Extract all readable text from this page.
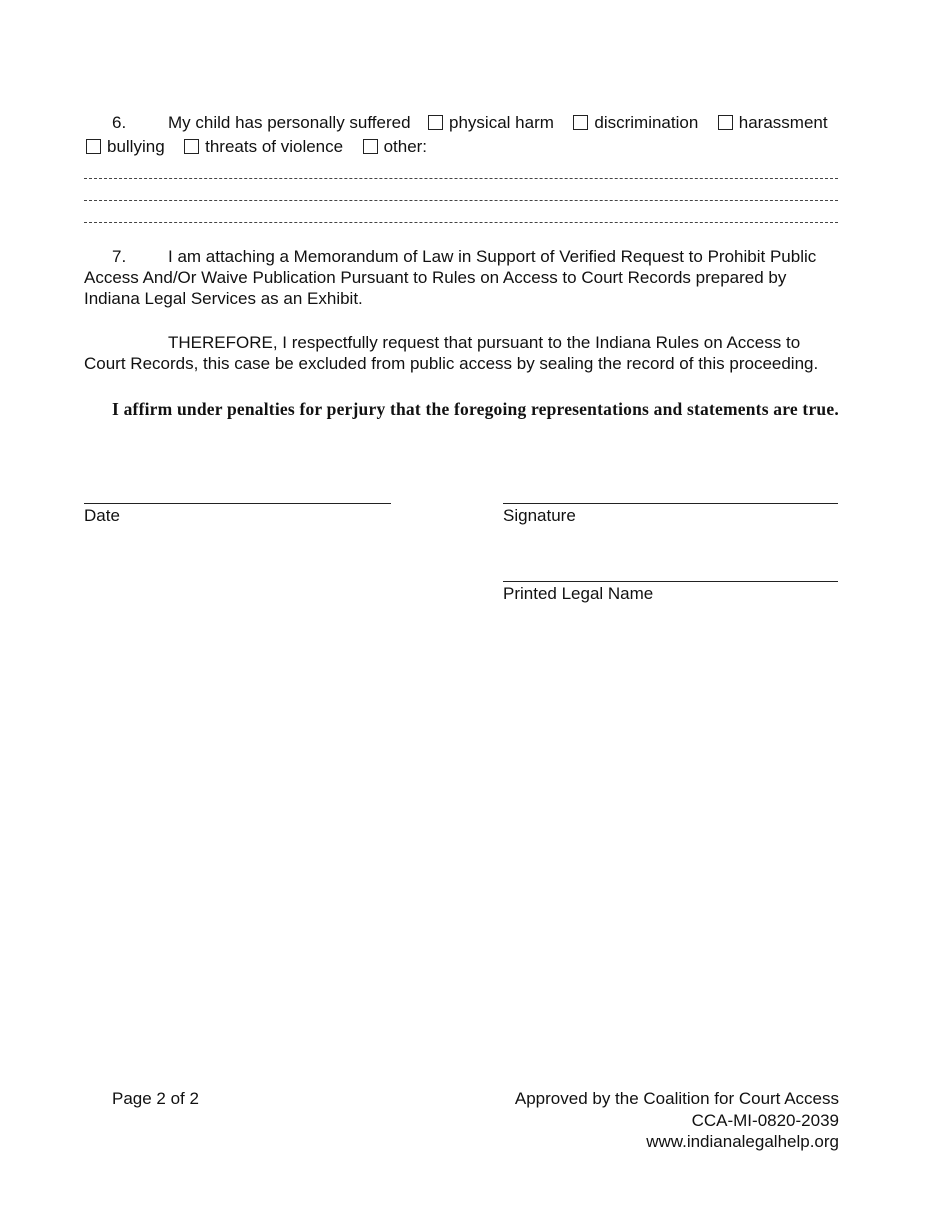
6. My child has personally suffered physical harm discrimination harassment
bullying threats of violence other:
7. I am attaching a Memorandum of Law in Support of Verified Request to Prohibit Public Access And/Or Waive Publication Pursuant to Rules on Access to Court Records prepared by Indiana Legal Services as an Exhibit.
THEREFORE, I respectfully request that pursuant to the Indiana Rules on Access to Court Records, this case be excluded from public access by sealing the record of this proceeding.
I affirm under penalties for perjury that the foregoing representations and statements are true.
Date	Signature
Printed Legal Name
Page 2 of 2	Approved by the Coalition for Court Access
CCA-MI-0820-2039
www.indianalegalhelp.org
